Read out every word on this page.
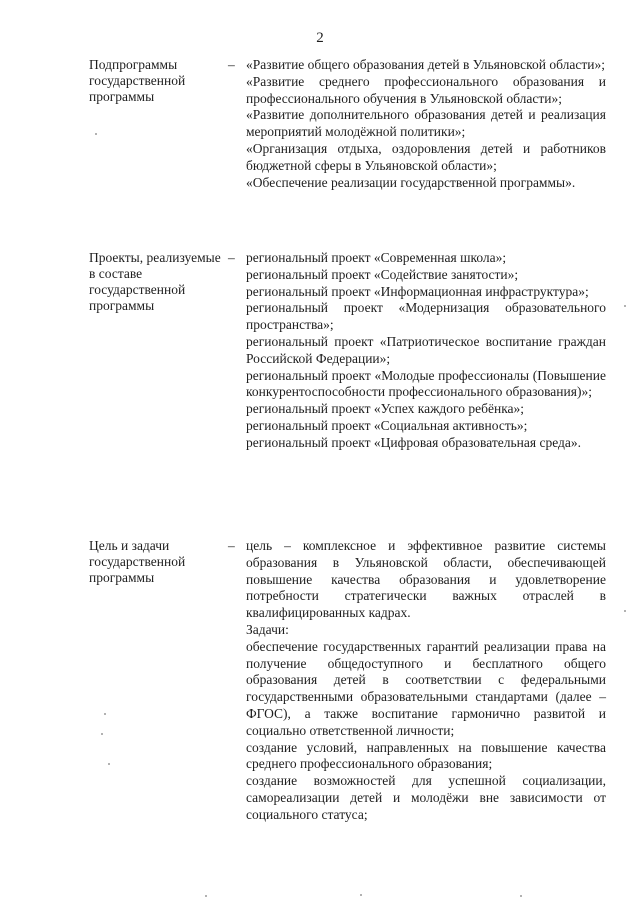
2
Подпрограммы государственной программы
– «Развитие общего образования детей в Ульяновской области»;

«Развитие среднего профессионального образования и профессионального обучения в Ульяновской области»;

«Развитие дополнительного образования детей и реализация мероприятий молодёжной политики»;

«Организация отдыха, оздоровления детей и работников бюджетной сферы в Ульяновской области»;

«Обеспечение реализации государственной программы».

Проекты, реализуемые в составе государственной программы
– региональный проект «Современная школа»;

региональный проект «Содействие занятости»;

региональный проект «Информационная инфраструктура»;

региональный проект «Модернизация образовательного пространства»;

региональный проект «Патриотическое воспитание граждан Российской Федерации»;

региональный проект «Молодые профессионалы (Повышение конкурентоспособности профессионального образования)»;

региональный проект «Успех каждого ребёнка»;

региональный проект «Социальная активность»;

региональный проект «Цифровая образовательная среда».

Цель и задачи государственной программы
– цель – комплексное и эффективное развитие системы образования в Ульяновской области, обеспечивающей повышение качества образования и удовлетворение потребности стратегически важных отраслей в квалифицированных кадрах.

Задачи:

обеспечение государственных гарантий реализации права на получение общедоступного и бесплатного общего образования детей в соответствии с федеральными государственными образовательными стандартами (далее – ФГОС), а также воспитание гармонично развитой и социально ответственной личности;

создание условий, направленных на повышение качества среднего профессионального образования;

создание возможностей для успешной социализации, самореализации детей и молодёжи вне зависимости от социального статуса;
